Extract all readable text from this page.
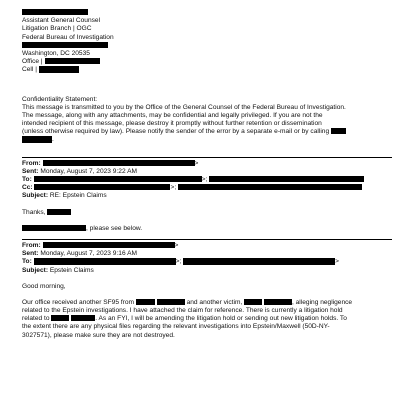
Assistant General Counsel
Litigation Branch | OGC
Federal Bureau of Investigation
Washington, DC 20535
Office |
Cell |
Confidentiality Statement:
This message is transmitted to you by the Office of the General Counsel of the Federal Bureau of Investigation.
The message, along with any attachments, may be confidential and legally privileged. If you are not the
intended recipient of this message, please destroy it promptly without further retention or dissemination
(unless otherwise required by law). Please notify the sender of the error by a separate e-mail or by calling
.
From:	>
Sent: Monday, August 7, 2023 9:22 AM
To:	>;
Cc:	>;
Subject: RE: Epstein Claims
Thanks,
, please see below.
From:	>
Sent: Monday, August 7, 2023 9:16 AM
To:	>;	>
Subject: Epstein Claims
Good morning,
Our office received another SF95 from	and another victim,	, alleging negligence
related to the Epstein investigations. I have attached the claim for reference. There is currently a litigation hold
related to	. As an FYI, I will be amending the litigation hold or sending out new litigation holds. To
the extent there are any physical files regarding the relevant investigations into Epstein/Maxwell (50D-NY-
3027571), please make sure they are not destroyed.
